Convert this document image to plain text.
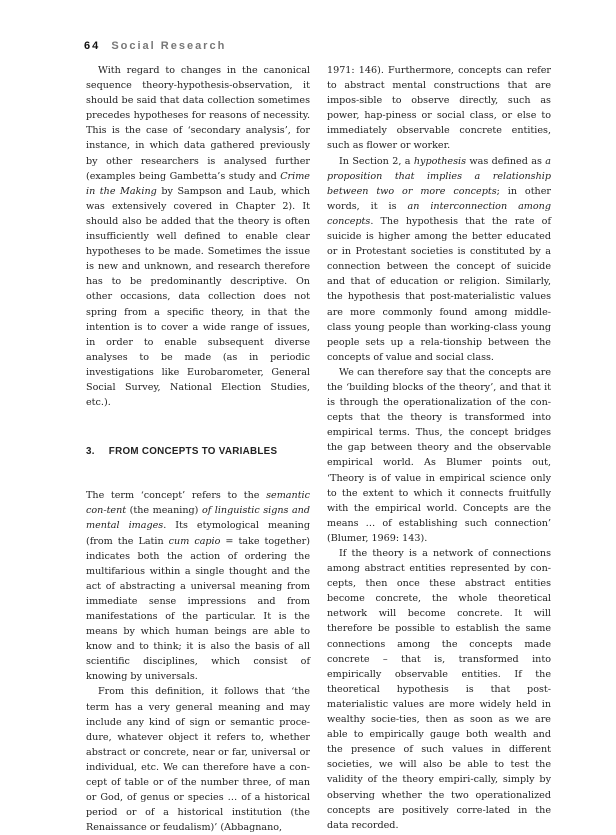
64 Social Research

With regard to changes in the canonical sequence theory-hypothesis-observation, it should be said that data collection sometimes precedes hypotheses for reasons of necessity. This is the case of ‘secondary analysis’, for instance, in which data gathered previously by other researchers is analysed further (examples being Gambetta’s study and Crime in the Making by Sampson and Laub, which was extensively covered in Chapter 2). It should also be added that the theory is often insufficiently well defined to enable clear hypotheses to be made. Sometimes the issue is new and unknown, and research therefore has to be predominantly descriptive. On other occasions, data collection does not spring from a specific theory, in that the intention is to cover a wide range of issues, in order to enable subsequent diverse analyses to be made (as in periodic investigations like Eurobarometer, General Social Survey, National Election Studies, etc.).

3. FROM CONCEPTS TO VARIABLES

The term ‘concept’ refers to the semantic con-tent (the meaning) of linguistic signs and mental images. Its etymological meaning (from the Latin cum capio = take together) indicates both the action of ordering the multifarious within a single thought and the act of abstracting a universal meaning from immediate sense impressions and from manifestations of the particular. It is the means by which human beings are able to know and to think; it is also the basis of all scientific disciplines, which consist of knowing by universals.

From this definition, it follows that ‘the term has a very general meaning and may include any kind of sign or semantic proce-dure, whatever object it refers to, whether abstract or concrete, near or far, universal or individual, etc. We can therefore have a con-cept of table or of the number three, of man or God, of genus or species … of a historical period or of a historical institution (the Renaissance or feudalism)’ (Abbagnano,

1971: 146). Furthermore, concepts can refer to abstract mental constructions that are impos-sible to observe directly, such as power, hap-piness or social class, or else to immediately observable concrete entities, such as flower or worker.

In Section 2, a hypothesis was defined as a proposition that implies a relationship between two or more concepts; in other words, it is an interconnection among concepts. The hypothesis that the rate of suicide is higher among the better educated or in Protestant societies is constituted by a connection between the concept of suicide and that of education or religion. Similarly, the hypothesis that post-materialistic values are more commonly found among middle-class young people than working-class young people sets up a rela-tionship between the concepts of value and social class.

We can therefore say that the concepts are the ‘building blocks of the theory’, and that it is through the operationalization of the con-cepts that the theory is transformed into empirical terms. Thus, the concept bridges the gap between theory and the observable empirical world. As Blumer points out, ‘Theory is of value in empirical science only to the extent to which it connects fruitfully with the empirical world. Concepts are the means … of establishing such connection’ (Blumer, 1969: 143).

If the theory is a network of connections among abstract entities represented by con-cepts, then once these abstract entities become concrete, the whole theoretical network will become concrete. It will therefore be possible to establish the same connections among the concepts made concrete – that is, transformed into empirically observable entities. If the theoretical hypothesis is that post-materialistic values are more widely held in wealthy socie-ties, then as soon as we are able to empirically gauge both wealth and the presence of such values in different societies, we will also be able to test the validity of the theory empiri-cally, simply by observing whether the two operationalized concepts are positively corre-lated in the data recorded.
